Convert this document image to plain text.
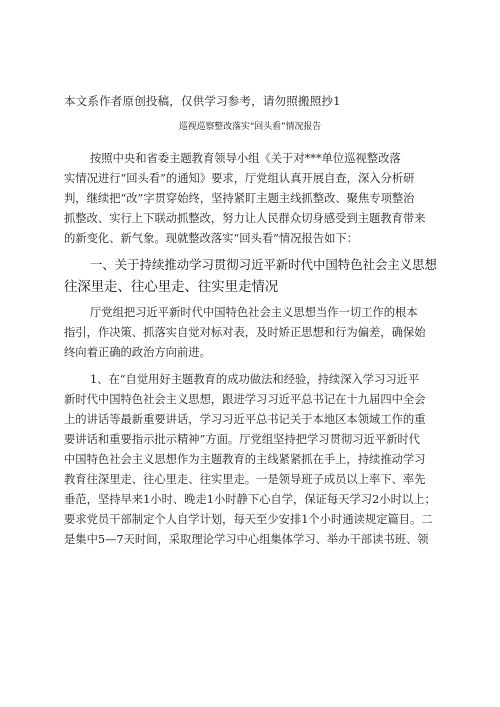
本文系作者原创投稿，仅供学习参考，请勿照搬照抄1
巡视巡察整改落实“回头看”情况报告
按照中央和省委主题教育领导小组《关于对***单位巡视整改落
实情况进行“回头看”的通知》要求，厅党组认真开展自查，深入分析研
判，继续把“改”字贯穿始终，坚持紧盯主题主线抓整改、聚焦专项整治
抓整改、实行上下联动抓整改，努力让人民群众切身感受到主题教育带来
的新变化、新气象。现就整改落实“回头看”情况报告如下：
一、关于持续推动学习贯彻习近平新时代中国特色社会主义思想
往深里走、往心里走、往实里走情况
厅党组把习近平新时代中国特色社会主义思想当作一切工作的根本
指引，作决策、抓落实自觉对标对表，及时矫正思想和行为偏差，确保始
终向着正确的政治方向前进。
1、在“自觉用好主题教育的成功做法和经验，持续深入学习习近平
新时代中国特色社会主义思想，跟进学习习近平总书记在十九届四中全会
上的讲话等最新重要讲话，学习习近平总书记关于本地区本领域工作的重
要讲话和重要指示批示精神”方面。厅党组坚持把学习贯彻习近平新时代
中国特色社会主义思想作为主题教育的主线紧紧抓在手上，持续推动学习
教育往深里走、往心里走、往实里走。一是领导班子成员以上率下、率先
垂范，坚持早来1小时、晚走1小时静下心自学，保证每天学习2小时以上；
要求党员干部制定个人自学计划，每天至少安排1个小时通读规定篇目。二
是集中5—7天时间，采取理论学习中心组集体学习、举办干部读书班、领
